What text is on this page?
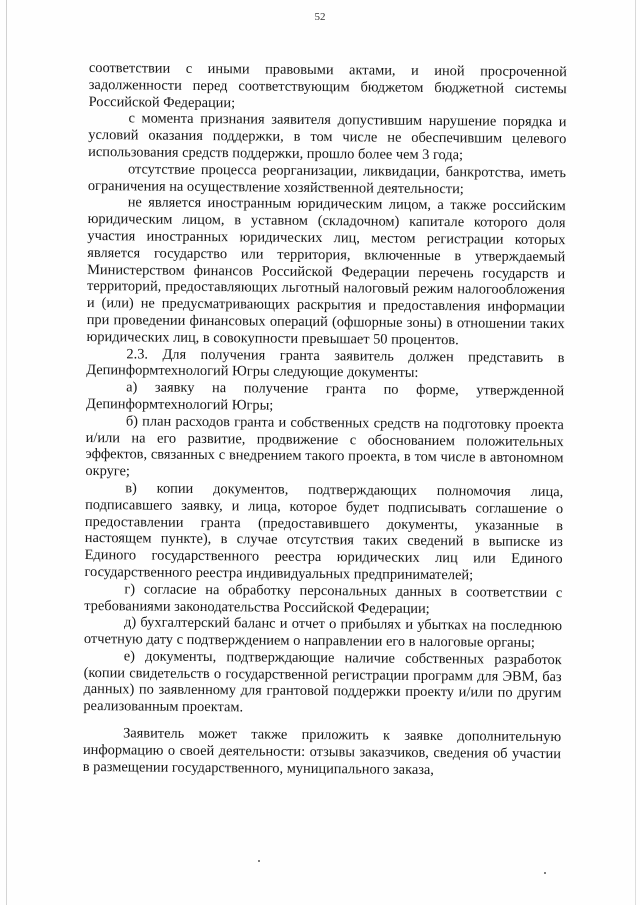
52

соответствии с иными правовыми актами, и иной просроченной задолженности перед соответствующим бюджетом бюджетной системы Российской Федерации;

с момента признания заявителя допустившим нарушение порядка и условий оказания поддержки, в том числе не обеспечившим целевого использования средств поддержки, прошло более чем 3 года;

отсутствие процесса реорганизации, ликвидации, банкротства, иметь ограничения на осуществление хозяйственной деятельности;

не является иностранным юридическим лицом, а также российским юридическим лицом, в уставном (складочном) капитале которого доля участия иностранных юридических лиц, местом регистрации которых является государство или территория, включенные в утверждаемый Министерством финансов Российской Федерации перечень государств и территорий, предоставляющих льготный налоговый режим налогообложения и (или) не предусматривающих раскрытия и предоставления информации при проведении финансовых операций (офшорные зоны) в отношении таких юридических лиц, в совокупности превышает 50 процентов.

2.3. Для получения гранта заявитель должен представить в Депинформтехнологий Югры следующие документы:

а) заявку на получение гранта по форме, утвержденной Депинформтехнологий Югры;

б) план расходов гранта и собственных средств на подготовку проекта и/или на его развитие, продвижение с обоснованием положительных эффектов, связанных с внедрением такого проекта, в том числе в автономном округе;

в) копии документов, подтверждающих полномочия лица, подписавшего заявку, и лица, которое будет подписывать соглашение о предоставлении гранта (предоставившего документы, указанные в настоящем пункте), в случае отсутствия таких сведений в выписке из Единого государственного реестра юридических лиц или Единого государственного реестра индивидуальных предпринимателей;

г) согласие на обработку персональных данных в соответствии с требованиями законодательства Российской Федерации;

д) бухгалтерский баланс и отчет о прибылях и убытках на последнюю отчетную дату с подтверждением о направлении его в налоговые органы;

е) документы, подтверждающие наличие собственных разработок (копии свидетельств о государственной регистрации программ для ЭВМ, баз данных) по заявленному для грантовой поддержки проекту и/или по другим реализованным проектам.

Заявитель может также приложить к заявке дополнительную информацию о своей деятельности: отзывы заказчиков, сведения об участии в размещении государственного, муниципального заказа,
